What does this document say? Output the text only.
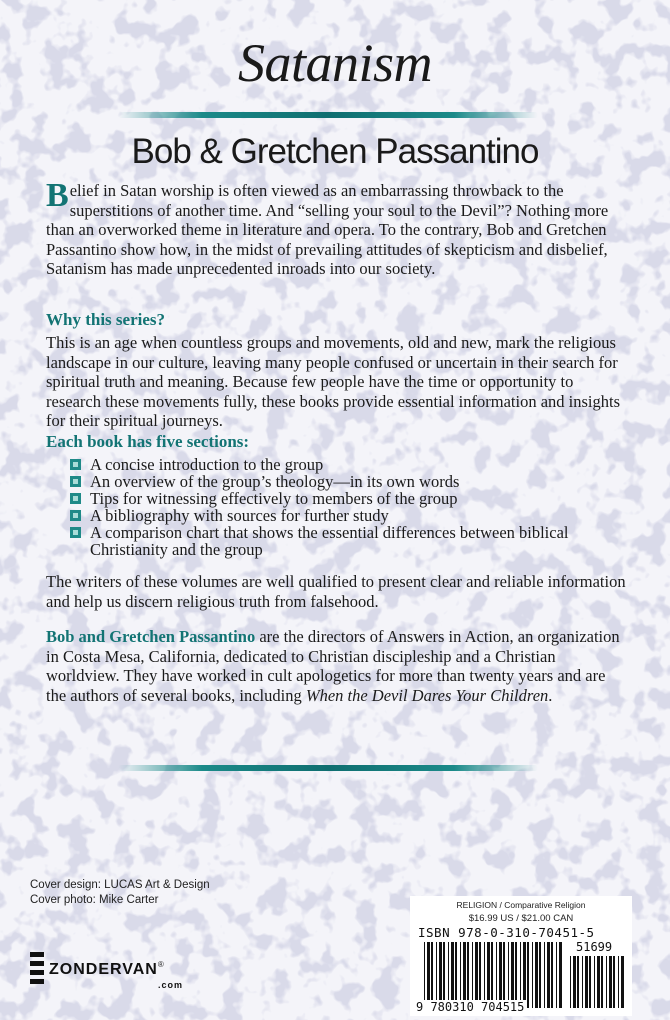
Satanism
Bob & Gretchen Passantino
Belief in Satan worship is often viewed as an embarrassing throwback to the superstitions of another time. And “selling your soul to the Devil”? Nothing more than an overworked theme in literature and opera. To the contrary, Bob and Gretchen Passantino show how, in the midst of prevailing attitudes of skepticism and disbelief, Satanism has made unprecedented inroads into our society.
Why this series?
This is an age when countless groups and movements, old and new, mark the religious landscape in our culture, leaving many people confused or uncertain in their search for spiritual truth and meaning. Because few people have the time or opportunity to research these movements fully, these books provide essential information and insights for their spiritual journeys.
Each book has five sections:
A concise introduction to the group
An overview of the group’s theology—in its own words
Tips for witnessing effectively to members of the group
A bibliography with sources for further study
A comparison chart that shows the essential differences between biblical Christianity and the group
The writers of these volumes are well qualified to present clear and reliable information and help us discern religious truth from falsehood.
Bob and Gretchen Passantino are the directors of Answers in Action, an organization in Costa Mesa, California, dedicated to Christian discipleship and a Christian worldview. They have worked in cult apologetics for more than twenty years and are the authors of several books, including When the Devil Dares Your Children.
Cover design: LUCAS Art & Design
Cover photo: Mike Carter
ZONDERVAN®
.com
RELIGION / Comparative Religion
$16.99 US / $21.00 CAN
ISBN 978-0-310-70451-5
51699
9 780310 704515
